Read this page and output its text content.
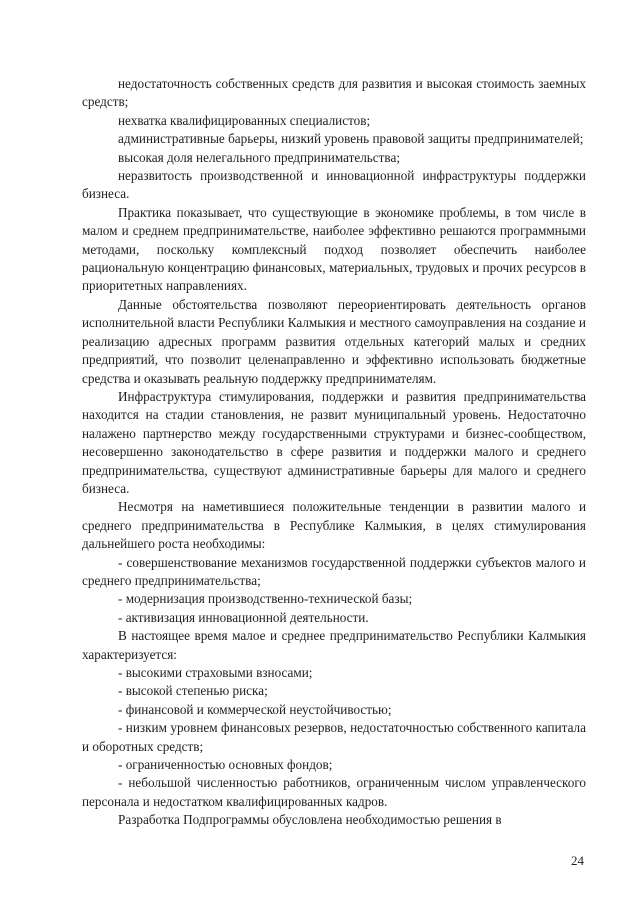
недостаточность собственных средств для развития и высокая стоимость заемных средств;

нехватка квалифицированных специалистов;

административные барьеры, низкий уровень правовой защиты предпринимателей;

высокая доля нелегального предпринимательства;

неразвитость производственной и инновационной инфраструктуры поддержки бизнеса.

Практика показывает, что существующие в экономике проблемы, в том числе в малом и среднем предпринимательстве, наиболее эффективно решаются программными методами, поскольку комплексный подход позволяет обеспечить наиболее рациональную концентрацию финансовых, материальных, трудовых и прочих ресурсов в приоритетных направлениях.

Данные обстоятельства позволяют переориентировать деятельность органов исполнительной власти Республики Калмыкия и местного самоуправления на создание и реализацию адресных программ развития отдельных категорий малых и средних предприятий, что позволит целенаправленно и эффективно использовать бюджетные средства и оказывать реальную поддержку предпринимателям.

Инфраструктура стимулирования, поддержки и развития предпринимательства находится на стадии становления, не развит муниципальный уровень. Недостаточно налажено партнерство между государственными структурами и бизнес-сообществом, несовершенно законодательство в сфере развития и поддержки малого и среднего предпринимательства, существуют административные барьеры для малого и среднего бизнеса.

Несмотря на наметившиеся положительные тенденции в развитии малого и среднего предпринимательства в Республике Калмыкия, в целях стимулирования дальнейшего роста необходимы:

- совершенствование механизмов государственной поддержки субъектов малого и среднего предпринимательства;

- модернизация производственно-технической базы;

- активизация инновационной деятельности.

В настоящее время малое и среднее предпринимательство Республики Калмыкия характеризуется:

- высокими страховыми взносами;

- высокой степенью риска;

- финансовой и коммерческой неустойчивостью;

- низким уровнем финансовых резервов, недостаточностью собственного капитала и оборотных средств;

- ограниченностью основных фондов;

- небольшой численностью работников, ограниченным числом управленческого персонала и недостатком квалифицированных кадров.

Разработка Подпрограммы обусловлена необходимостью решения в

24
